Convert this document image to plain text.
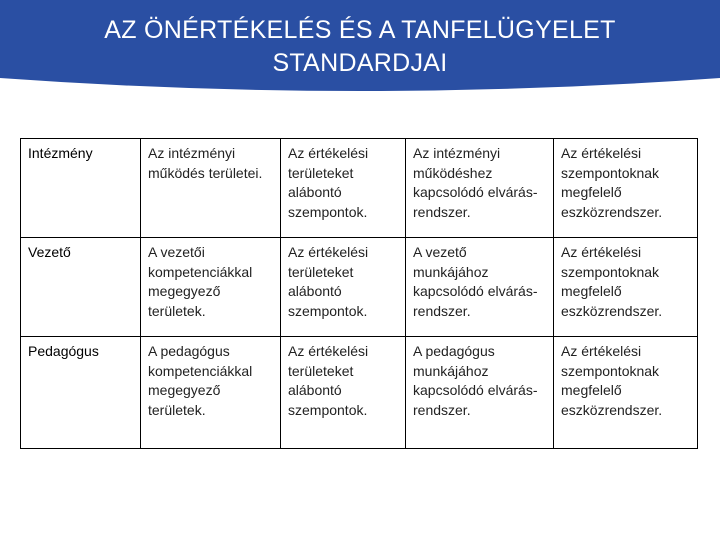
AZ ÖNÉRTÉKELÉS ÉS A TANFELÜGYELET
STANDARDJAI
Intézmény	Az intézményi működés területei.	Az értékelési területeket alábontó szempontok.	Az intézményi működéshez kapcsolódó elvárás-rendszer.	Az értékelési szempontoknak megfelelő eszközrendszer.
Vezető	A vezetői kompetenciákkal megegyező területek.	Az értékelési területeket alábontó szempontok.	A vezető munkájához kapcsolódó elvárás-rendszer.	Az értékelési szempontoknak megfelelő eszközrendszer.
Pedagógus	A pedagógus kompetenciákkal megegyező területek.	Az értékelési területeket alábontó szempontok.	A pedagógus munkájához kapcsolódó elvárás-rendszer.	Az értékelési szempontoknak megfelelő eszközrendszer.
